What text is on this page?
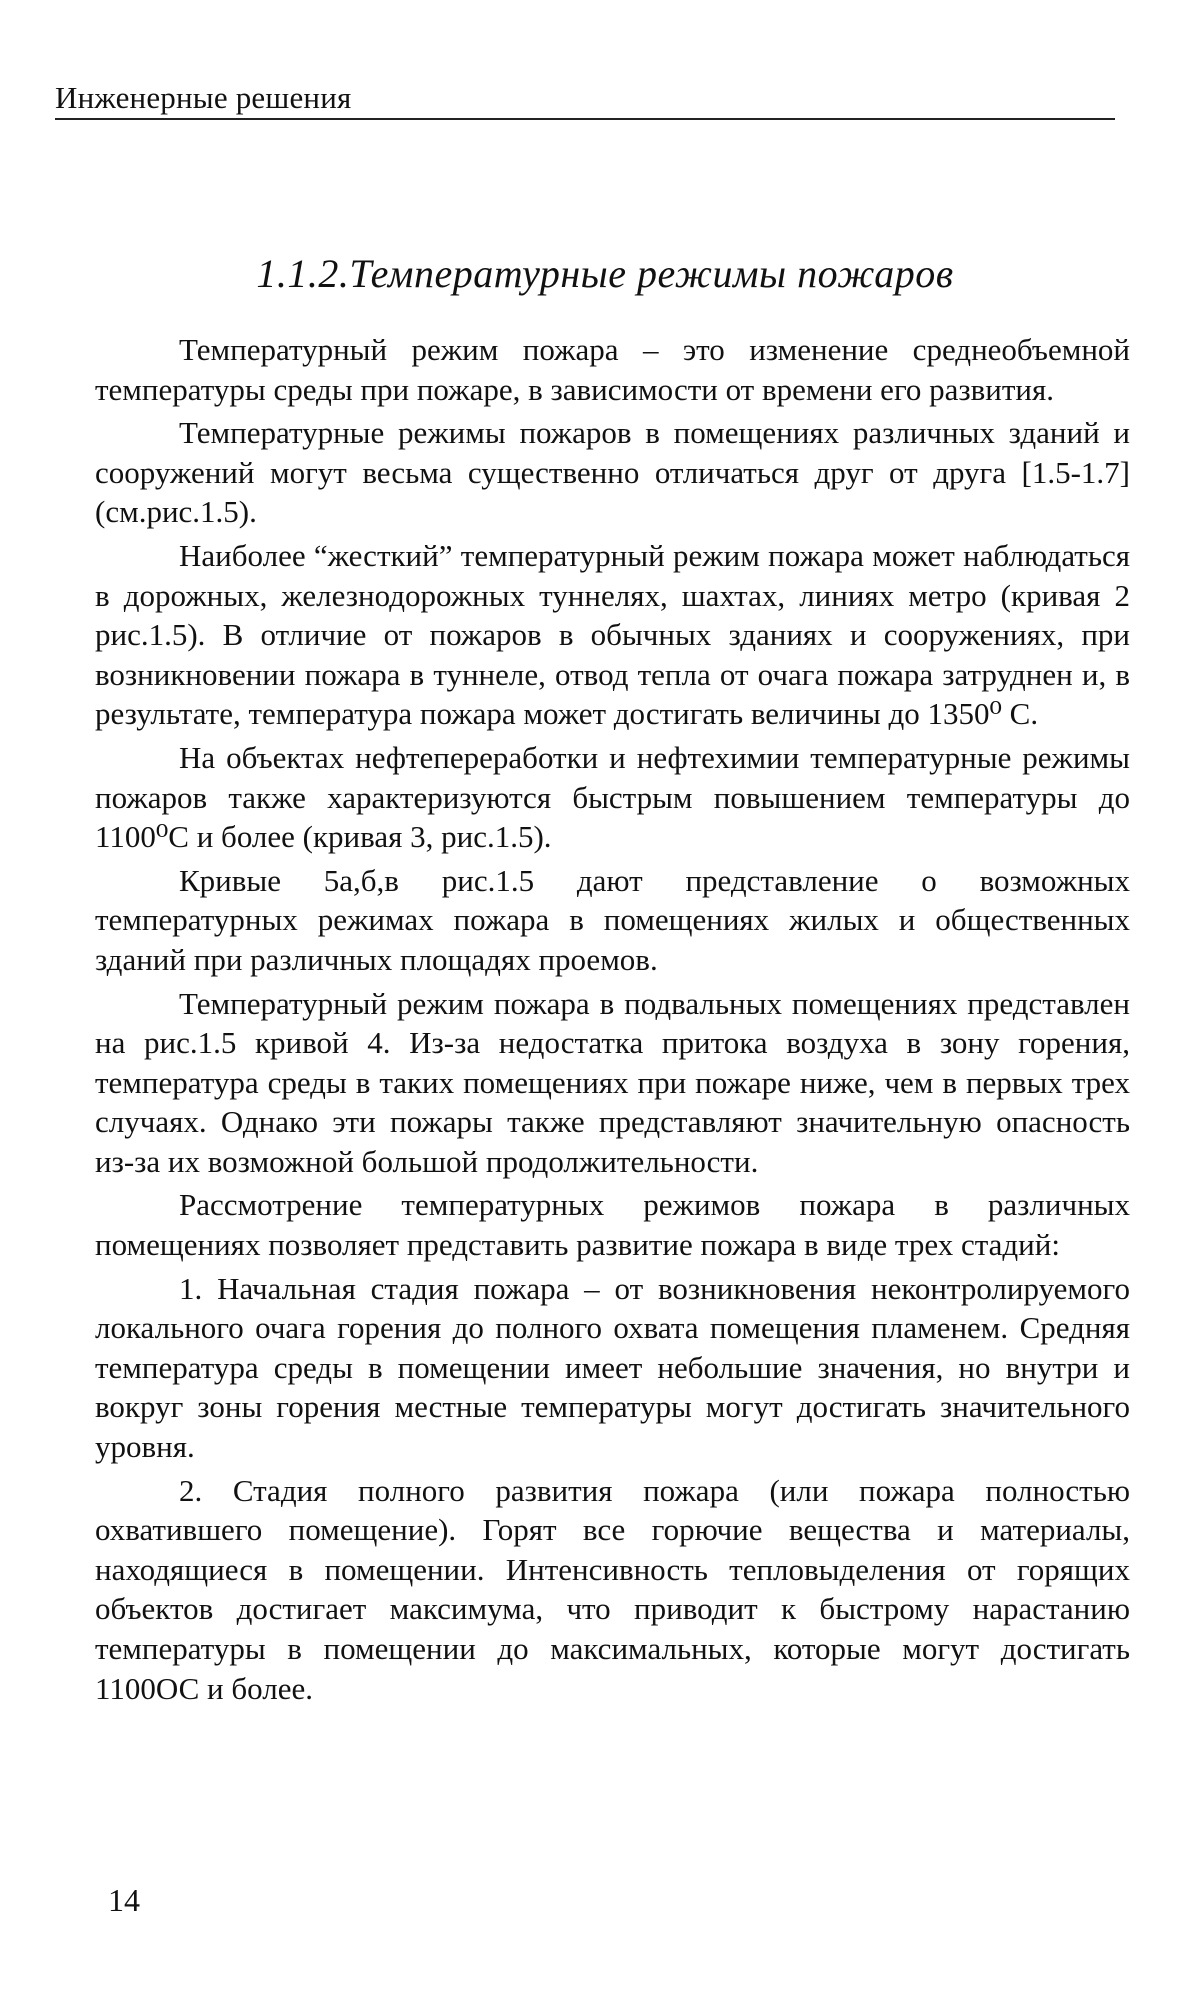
Инженерные решения
1.1.2.Температурные режимы пожаров

Температурный режим пожара – это изменение среднеобъемной температуры среды при пожаре, в зависимости от времени его развития.

Температурные режимы пожаров в помещениях различных зданий и сооружений могут весьма существенно отличаться друг от друга [1.5-1.7] (см.рис.1.5).

Наиболее “жесткий” температурный режим пожара может наблюдаться в дорожных, железнодорожных туннелях, шахтах, линиях метро (кривая 2 рис.1.5). В отличие от пожаров в обычных зданиях и сооружениях, при возникновении пожара в туннеле, отвод тепла от очага пожара затруднен и, в результате, температура пожара может достигать величины до 1350⁰ С.

На объектах нефтепереработки и нефтехимии температурные режимы пожаров также характеризуются быстрым повышением температуры до 1100⁰С и более (кривая 3, рис.1.5).

Кривые 5а,б,в рис.1.5 дают представление о возможных температурных режимах пожара в помещениях жилых и общественных зданий при различных площадях проемов.

Температурный режим пожара в подвальных помещениях представлен на рис.1.5 кривой 4. Из-за недостатка притока воздуха в зону горения, температура среды в таких помещениях при пожаре ниже, чем в первых трех случаях. Однако эти пожары также представляют значительную опасность из-за их возможной большой продолжительности.

Рассмотрение температурных режимов пожара в различных помещениях позволяет представить развитие пожара в виде трех стадий:

1. Начальная стадия пожара – от возникновения неконтролируемого локального очага горения до полного охвата помещения пламенем. Средняя температура среды в помещении имеет небольшие значения, но внутри и вокруг зоны горения местные температуры могут достигать значительного уровня.

2. Стадия полного развития пожара (или пожара полностью охватившего помещение). Горят все горючие вещества и материалы, находящиеся в помещении. Интенсивность тепловыделения от горящих объектов достигает максимума, что приводит к быстрому нарастанию температуры в помещении до максимальных, которые могут достигать 1100ОС и более.

14
